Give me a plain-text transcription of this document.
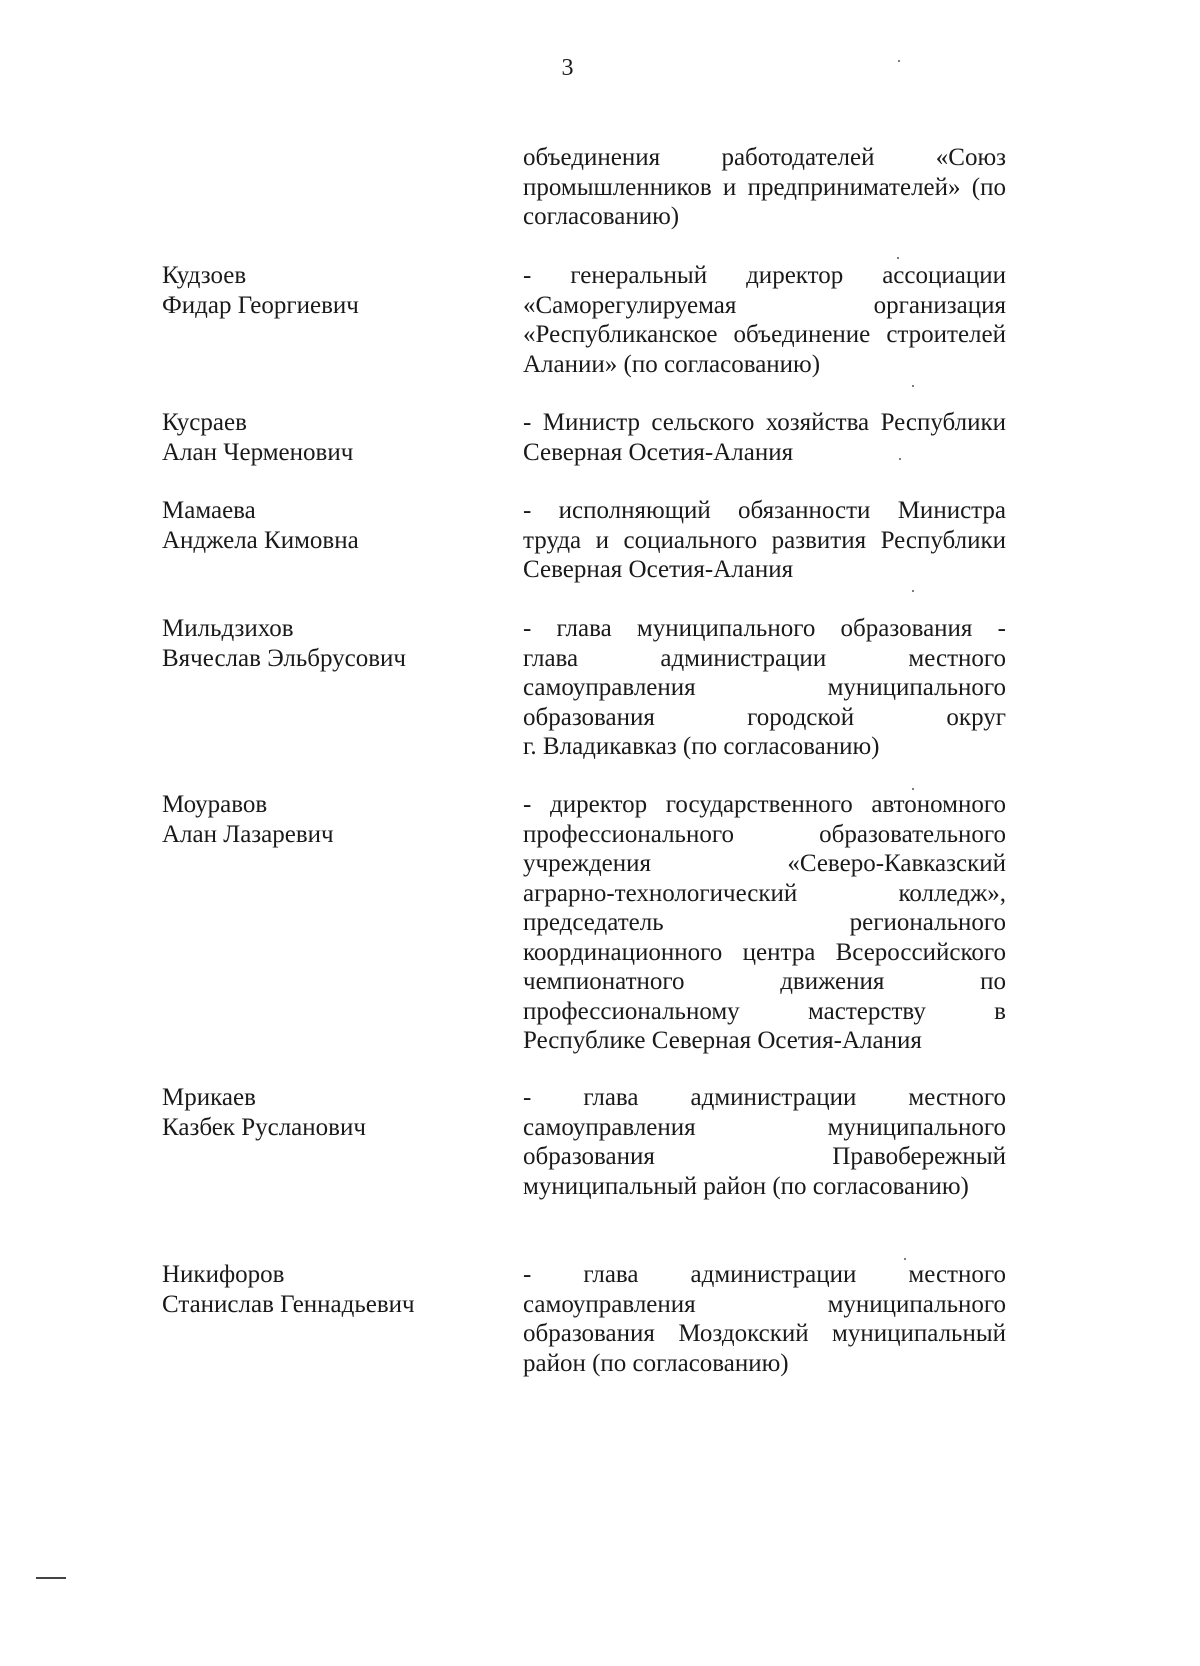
3
объединения работодателей «Союз
промышленников и предпринимателей» (по
согласованию)
Кудзоев
Фидар Георгиевич
- генеральный директор ассоциации
«Саморегулируемая организация
«Республиканское объединение строителей
Алании» (по согласованию)
Кусраев
Алан Черменович
- Министр сельского хозяйства Республики
Северная Осетия-Алания
Мамаева
Анджела Кимовна
- исполняющий обязанности Министра
труда и социального развития Республики
Северная Осетия-Алания
Мильдзихов
Вячеслав Эльбрусович
- глава муниципального образования -
глава администрации местного
самоуправления муниципального
образования городской округ
г. Владикавказ (по согласованию)
Моуравов
Алан Лазаревич
- директор государственного автономного
профессионального образовательного
учреждения «Северо-Кавказский
аграрно-технологический колледж»,
председатель регионального
координационного центра Всероссийского
чемпионатного движения по
профессиональному мастерству в
Республике Северная Осетия-Алания
Мрикаев
Казбек Русланович
- глава администрации местного
самоуправления муниципального
образования Правобережный
муниципальный район (по согласованию)
Никифоров
Станислав Геннадьевич
- глава администрации местного
самоуправления муниципального
образования Моздокский муниципальный
район (по согласованию)
